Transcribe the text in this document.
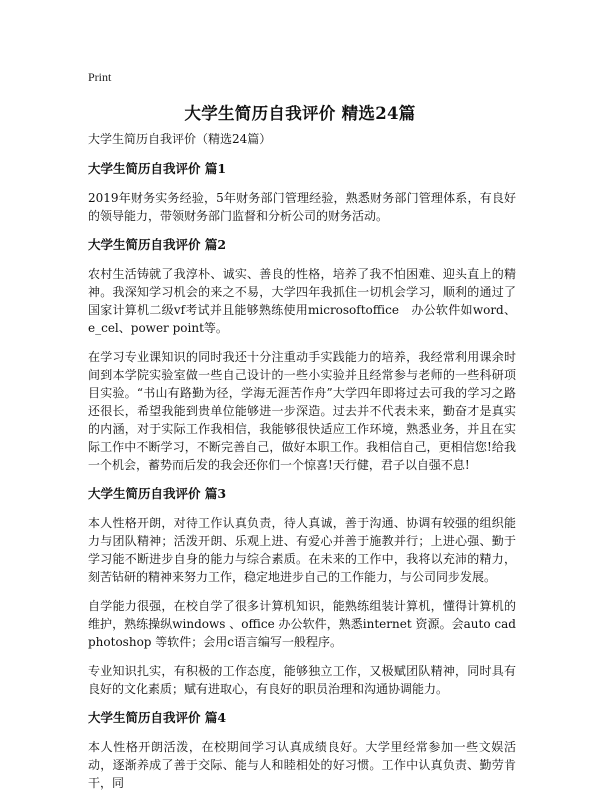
Print
大学生简历自我评价 精选24篇

大学生简历自我评价（精选24篇）

大学生简历自我评价 篇1

2019年财务实务经验，5年财务部门管理经验，熟悉财务部门管理体系，有良好的领导能力，带领财务部门监督和分析公司的财务活动。

大学生简历自我评价 篇2

农村生活铸就了我淳朴、诚实、善良的性格，培养了我不怕困难、迎头直上的精神。我深知学习机会的来之不易，大学四年我抓住一切机会学习，顺利的通过了国家计算机二级vf考试并且能够熟练使用microsoftoffice　办公软件如word、e_cel、power point等。

在学习专业课知识的同时我还十分注重动手实践能力的培养，我经常利用课余时间到本学院实验室做一些自己设计的一些小实验并且经常参与老师的一些科研项目实验。“书山有路勤为径，学海无涯苦作舟”大学四年即将过去可我的学习之路还很长，希望我能到贵单位能够进一步深造。过去并不代表未来，勤奋才是真实的内涵，对于实际工作我相信，我能够很快适应工作环境，熟悉业务，并且在实际工作中不断学习，不断完善自己，做好本职工作。我相信自己，更相信您!给我一个机会，蓄势而后发的我会还你们一个惊喜!天行健，君子以自强不息!

大学生简历自我评价 篇3

本人性格开朗，对待工作认真负责，待人真诚，善于沟通、协调有较强的组织能力与团队精神；活泼开朗、乐观上进、有爱心并善于施教并行；上进心强、勤于学习能不断进步自身的能力与综合素质。在未来的工作中，我将以充沛的精力，刻苦钻研的精神来努力工作，稳定地进步自己的工作能力，与公司同步发展。

自学能力很强，在校自学了很多计算机知识，能熟练组装计算机，懂得计算机的维护，熟练操纵windows 、office 办公软件，熟悉internet 资源。会auto cad photoshop 等软件；会用c语言编写一般程序。

专业知识扎实，有积极的工作态度，能够独立工作，又极赋团队精神，同时具有良好的文化素质；赋有进取心，有良好的职员治理和沟通协调能力。

大学生简历自我评价 篇4

本人性格开朗活泼，在校期间学习认真成绩良好。大学里经常参加一些文娱活动，逐渐养成了善于交际、能与人和睦相处的好习惯。工作中认真负责、勤劳肯干，同
